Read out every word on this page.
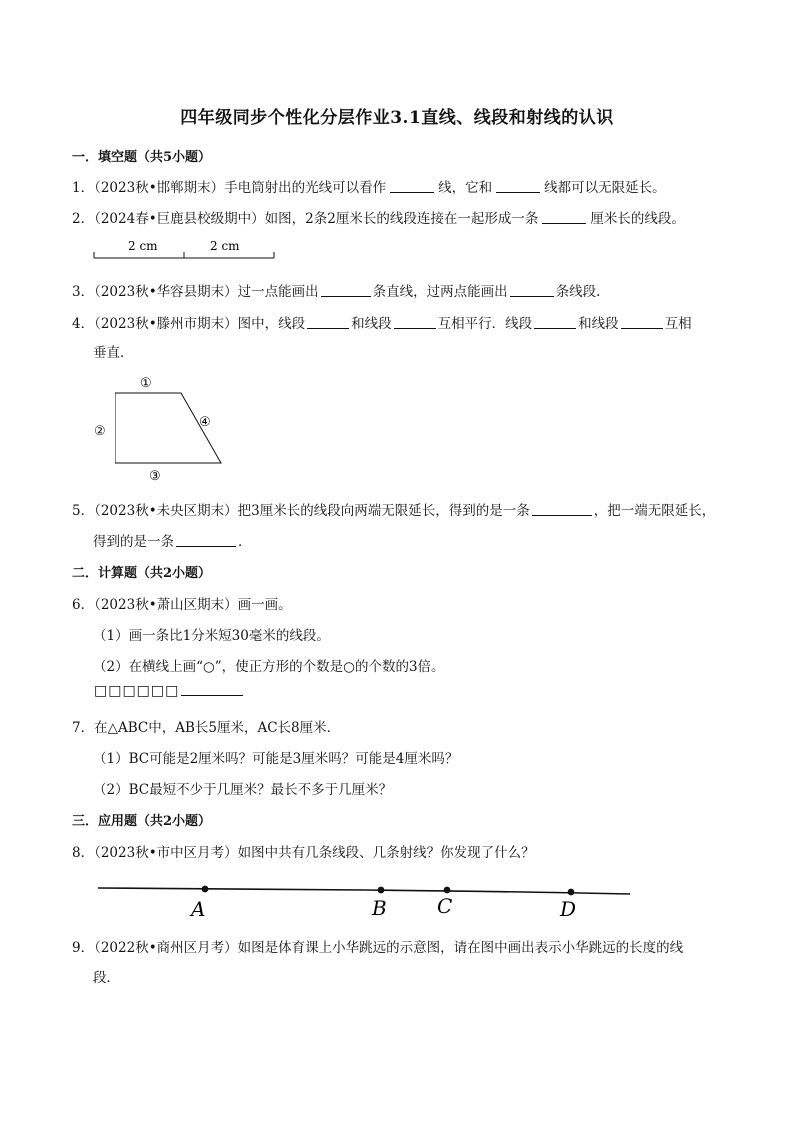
四年级同步个性化分层作业3.1直线、线段和射线的认识
一．填空题（共5小题）
1．（2023秋•邯郸期末）手电筒射出的光线可以看作	线，它和	线都可以无限延长。
2．（2024春•巨鹿县校级期中）如图，2条2厘米长的线段连接在一起形成一条	厘米长的线段。
2 cm	2 cm
3．（2023秋•华容县期末）过一点能画出	条直线，过两点能画出	条线段．
4．（2023秋•滕州市期末）图中，线段	和线段	互相平行．线段	和线段	互相
垂直．
①
④
③
②
5．（2023秋•未央区期末）把3厘米长的线段向两端无限延长，得到的是一条	，把一端无限延长，
得到的是一条	．
二．计算题（共2小题）
6．（2023秋•萧山区期末）画一画。
（1）画一条比1分米短30毫米的线段。
（2）在横线上画“○”，使正方形的个数是○的个数的3倍。
□□□□□□
7．在△ABC中，AB长5厘米，AC长8厘米．
（1）BC可能是2厘米吗？可能是3厘米吗？可能是4厘米吗？
（2）BC最短不少于几厘米？最长不多于几厘米？
三．应用题（共2小题）
8．（2023秋•市中区月考）如图中共有几条线段、几条射线？你发现了什么？
A	B	C	D
9．（2022秋•商州区月考）如图是体育课上小华跳远的示意图，请在图中画出表示小华跳远的长度的线
段．
